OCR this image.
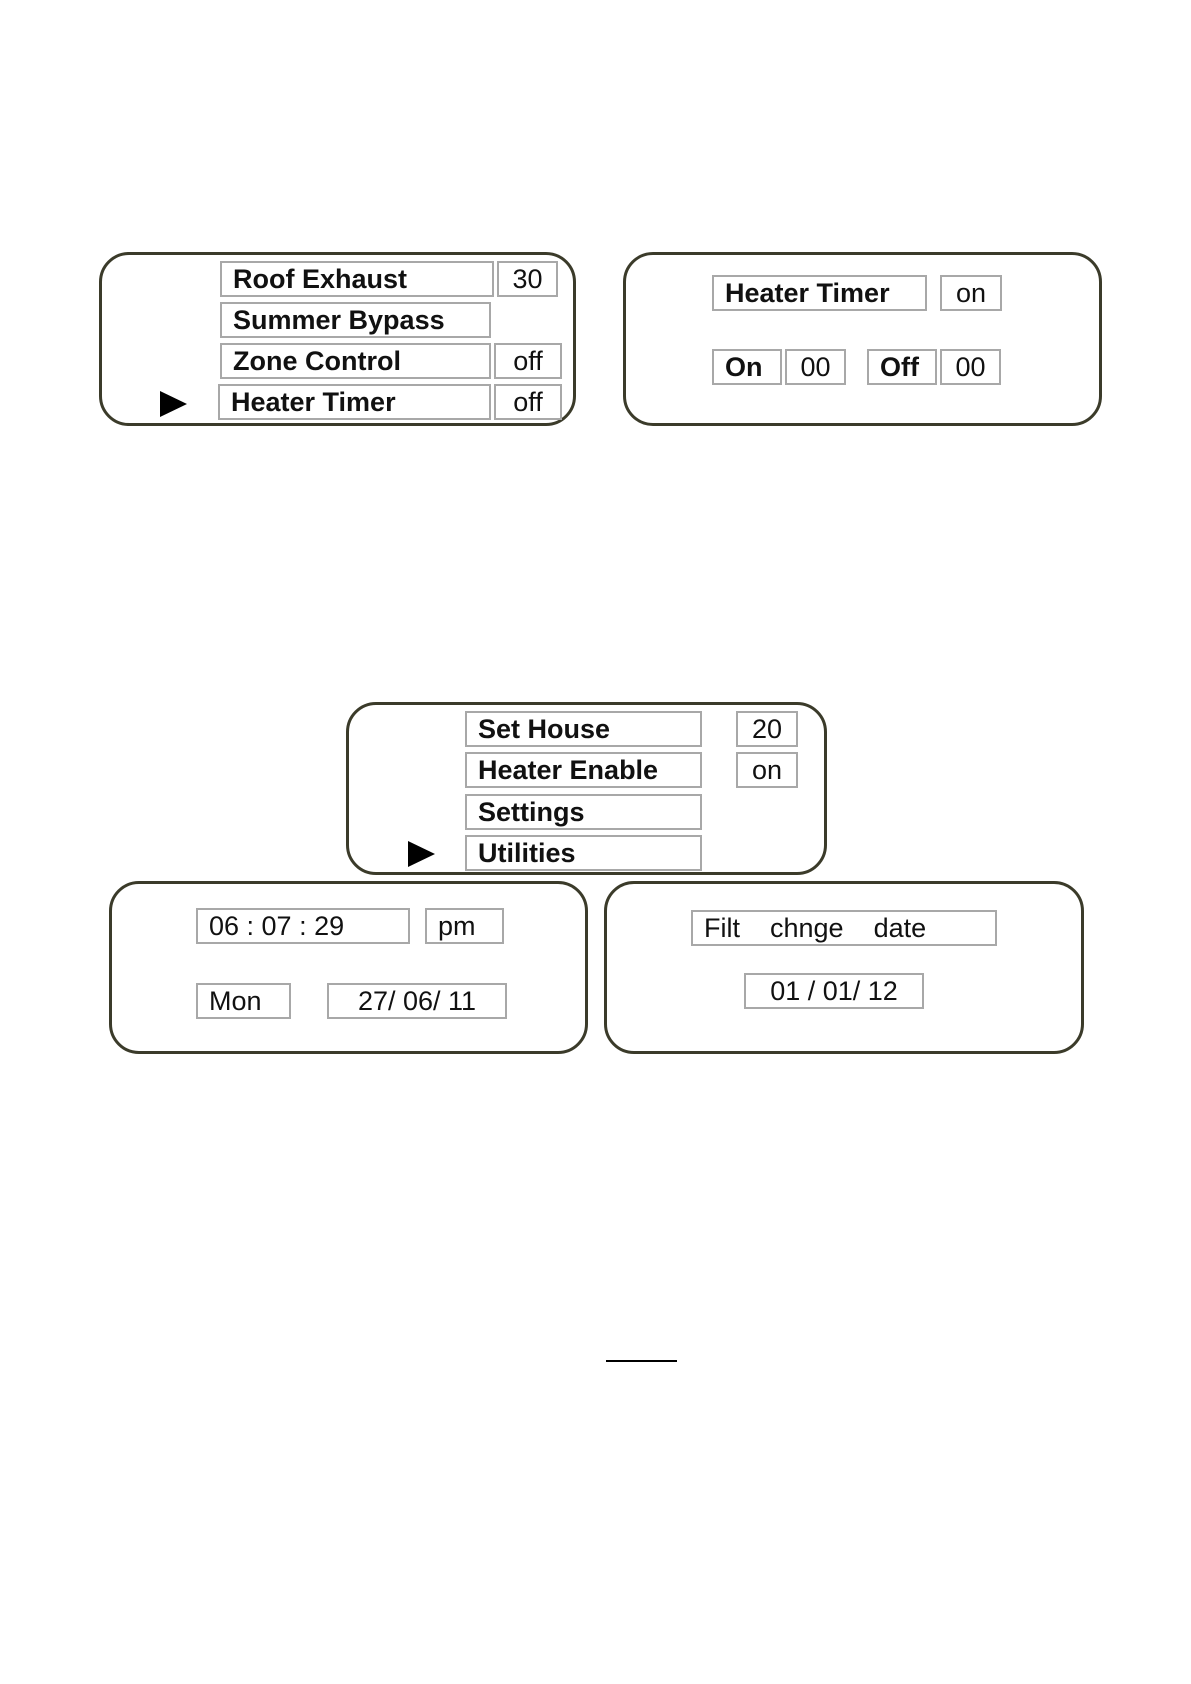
Roof Exhaust	30
Summer Bypass
Zone Control	off
Heater Timer	off
Heater Timer	on
On	00	Off	00
Set House	20
Heater Enable	on
Settings
Utilities
06 : 07 : 29	pm
Mon	27/ 06/ 11
Filt    chnge    date
01 / 01/ 12
